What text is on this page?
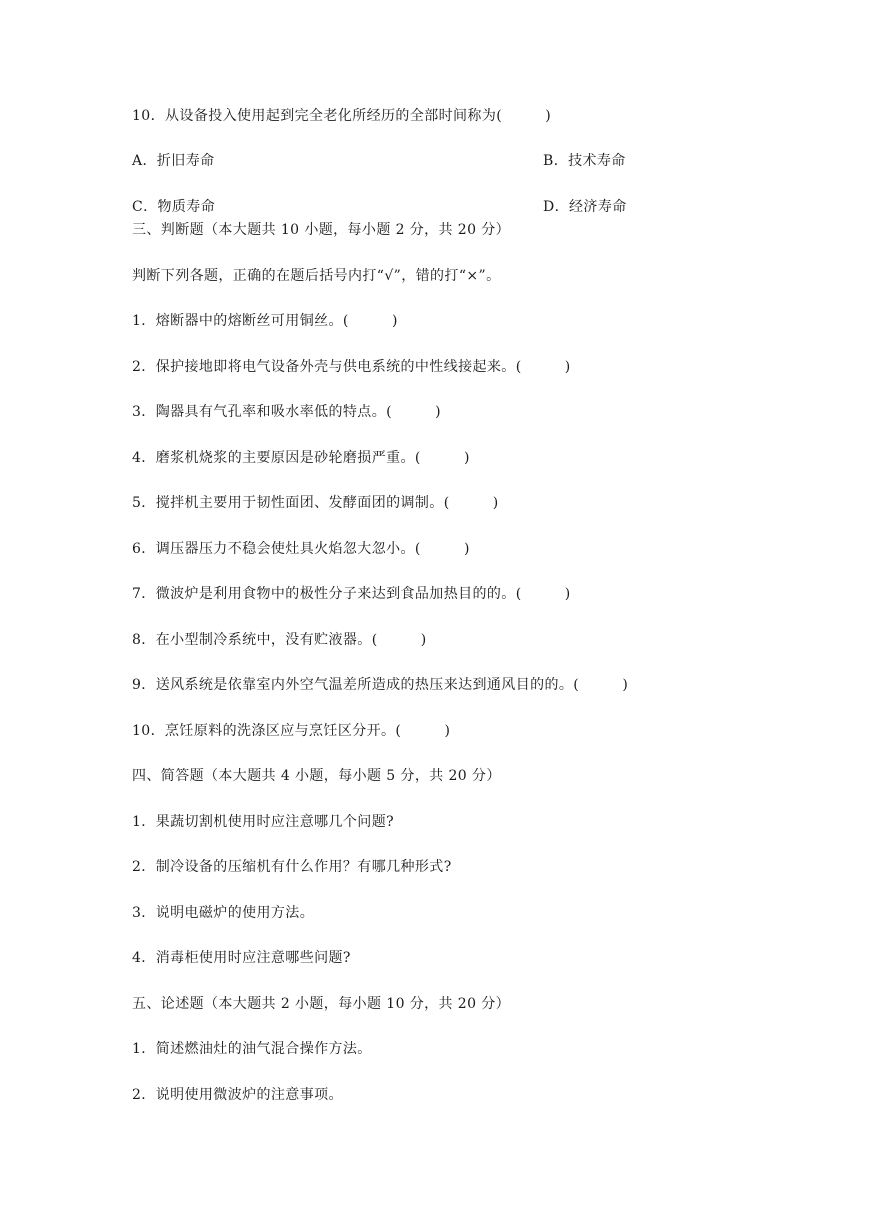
10．从设备投入使用起到完全老化所经历的全部时间称为(　　　)
A．折旧寿命	B．技术寿命
C．物质寿命	D．经济寿命
三、判断题（本大题共 10 小题，每小题 2 分，共 20 分）
判断下列各题，正确的在题后括号内打“√”，错的打“×”。
1．熔断器中的熔断丝可用铜丝。(　　　)
2．保护接地即将电气设备外壳与供电系统的中性线接起来。(　　　)
3．陶器具有气孔率和吸水率低的特点。(　　　)
4．磨浆机烧浆的主要原因是砂轮磨损严重。(　　　)
5．搅拌机主要用于韧性面团、发酵面团的调制。(　　　)
6．调压器压力不稳会使灶具火焰忽大忽小。(　　　)
7．微波炉是利用食物中的极性分子来达到食品加热目的的。(　　　)
8．在小型制冷系统中，没有贮液器。(　　　)
9．送风系统是依靠室内外空气温差所造成的热压来达到通风目的的。(　　　)
10．烹饪原料的洗涤区应与烹饪区分开。(　　　)
四、简答题（本大题共 4 小题，每小题 5 分，共 20 分）
1．果蔬切割机使用时应注意哪几个问题?
2．制冷设备的压缩机有什么作用？有哪几种形式?
3．说明电磁炉的使用方法。
4．消毒柜使用时应注意哪些问题?
五、论述题（本大题共 2 小题，每小题 10 分，共 20 分）
1．简述燃油灶的油气混合操作方法。
2．说明使用微波炉的注意事项。
